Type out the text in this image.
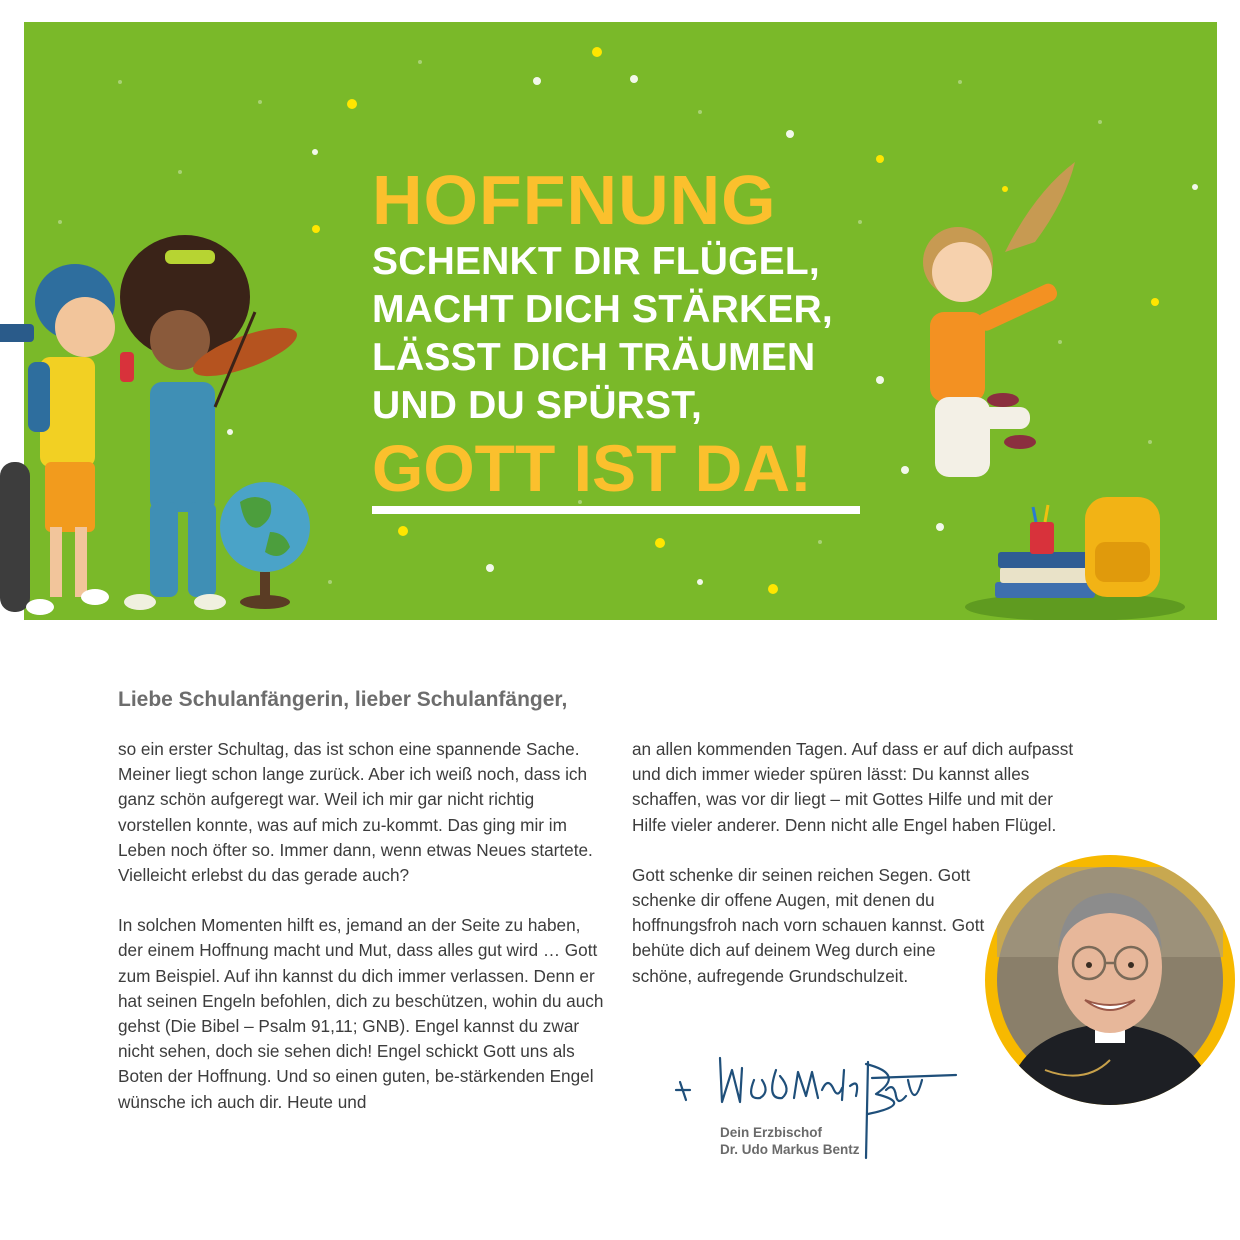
HOFFNUNG
SCHENKT DIR FLÜGEL,
MACHT DICH STÄRKER,
LÄSST DICH TRÄUMEN
UND DU SPÜRST,
GOTT IST DA!
Liebe Schulanfängerin, lieber Schulanfänger,

so ein erster Schultag, das ist schon eine spannende Sache. Meiner liegt schon lange zurück. Aber ich weiß noch, dass ich ganz schön aufgeregt war. Weil ich mir gar nicht richtig vorstellen konnte, was auf mich zu-kommt. Das ging mir im Leben noch öfter so. Immer dann, wenn etwas Neues startete. Vielleicht erlebst du das gerade auch?

In solchen Momenten hilft es, jemand an der Seite zu haben, der einem Hoffnung macht und Mut, dass alles gut wird … Gott zum Beispiel. Auf ihn kannst du dich immer verlassen. Denn er hat seinen Engeln befohlen, dich zu beschützen, wohin du auch gehst (Die Bibel – Psalm 91,11; GNB). Engel kannst du zwar nicht sehen, doch sie sehen dich! Engel schickt Gott uns als Boten der Hoffnung. Und so einen guten, be-stärkenden Engel wünsche ich auch dir. Heute und

an allen kommenden Tagen. Auf dass er auf dich aufpasst und dich immer wieder spüren lässt: Du kannst alles schaffen, was vor dir liegt – mit Gottes Hilfe und mit der Hilfe vieler anderer. Denn nicht alle Engel haben Flügel.

Gott schenke dir seinen reichen Segen. Gott schenke dir offene Augen, mit denen du hoffnungsfroh nach vorn schauen kannst. Gott behüte dich auf deinem Weg durch eine schöne, aufregende Grundschulzeit.

Dein Erzbischof
Dr. Udo Markus Bentz
